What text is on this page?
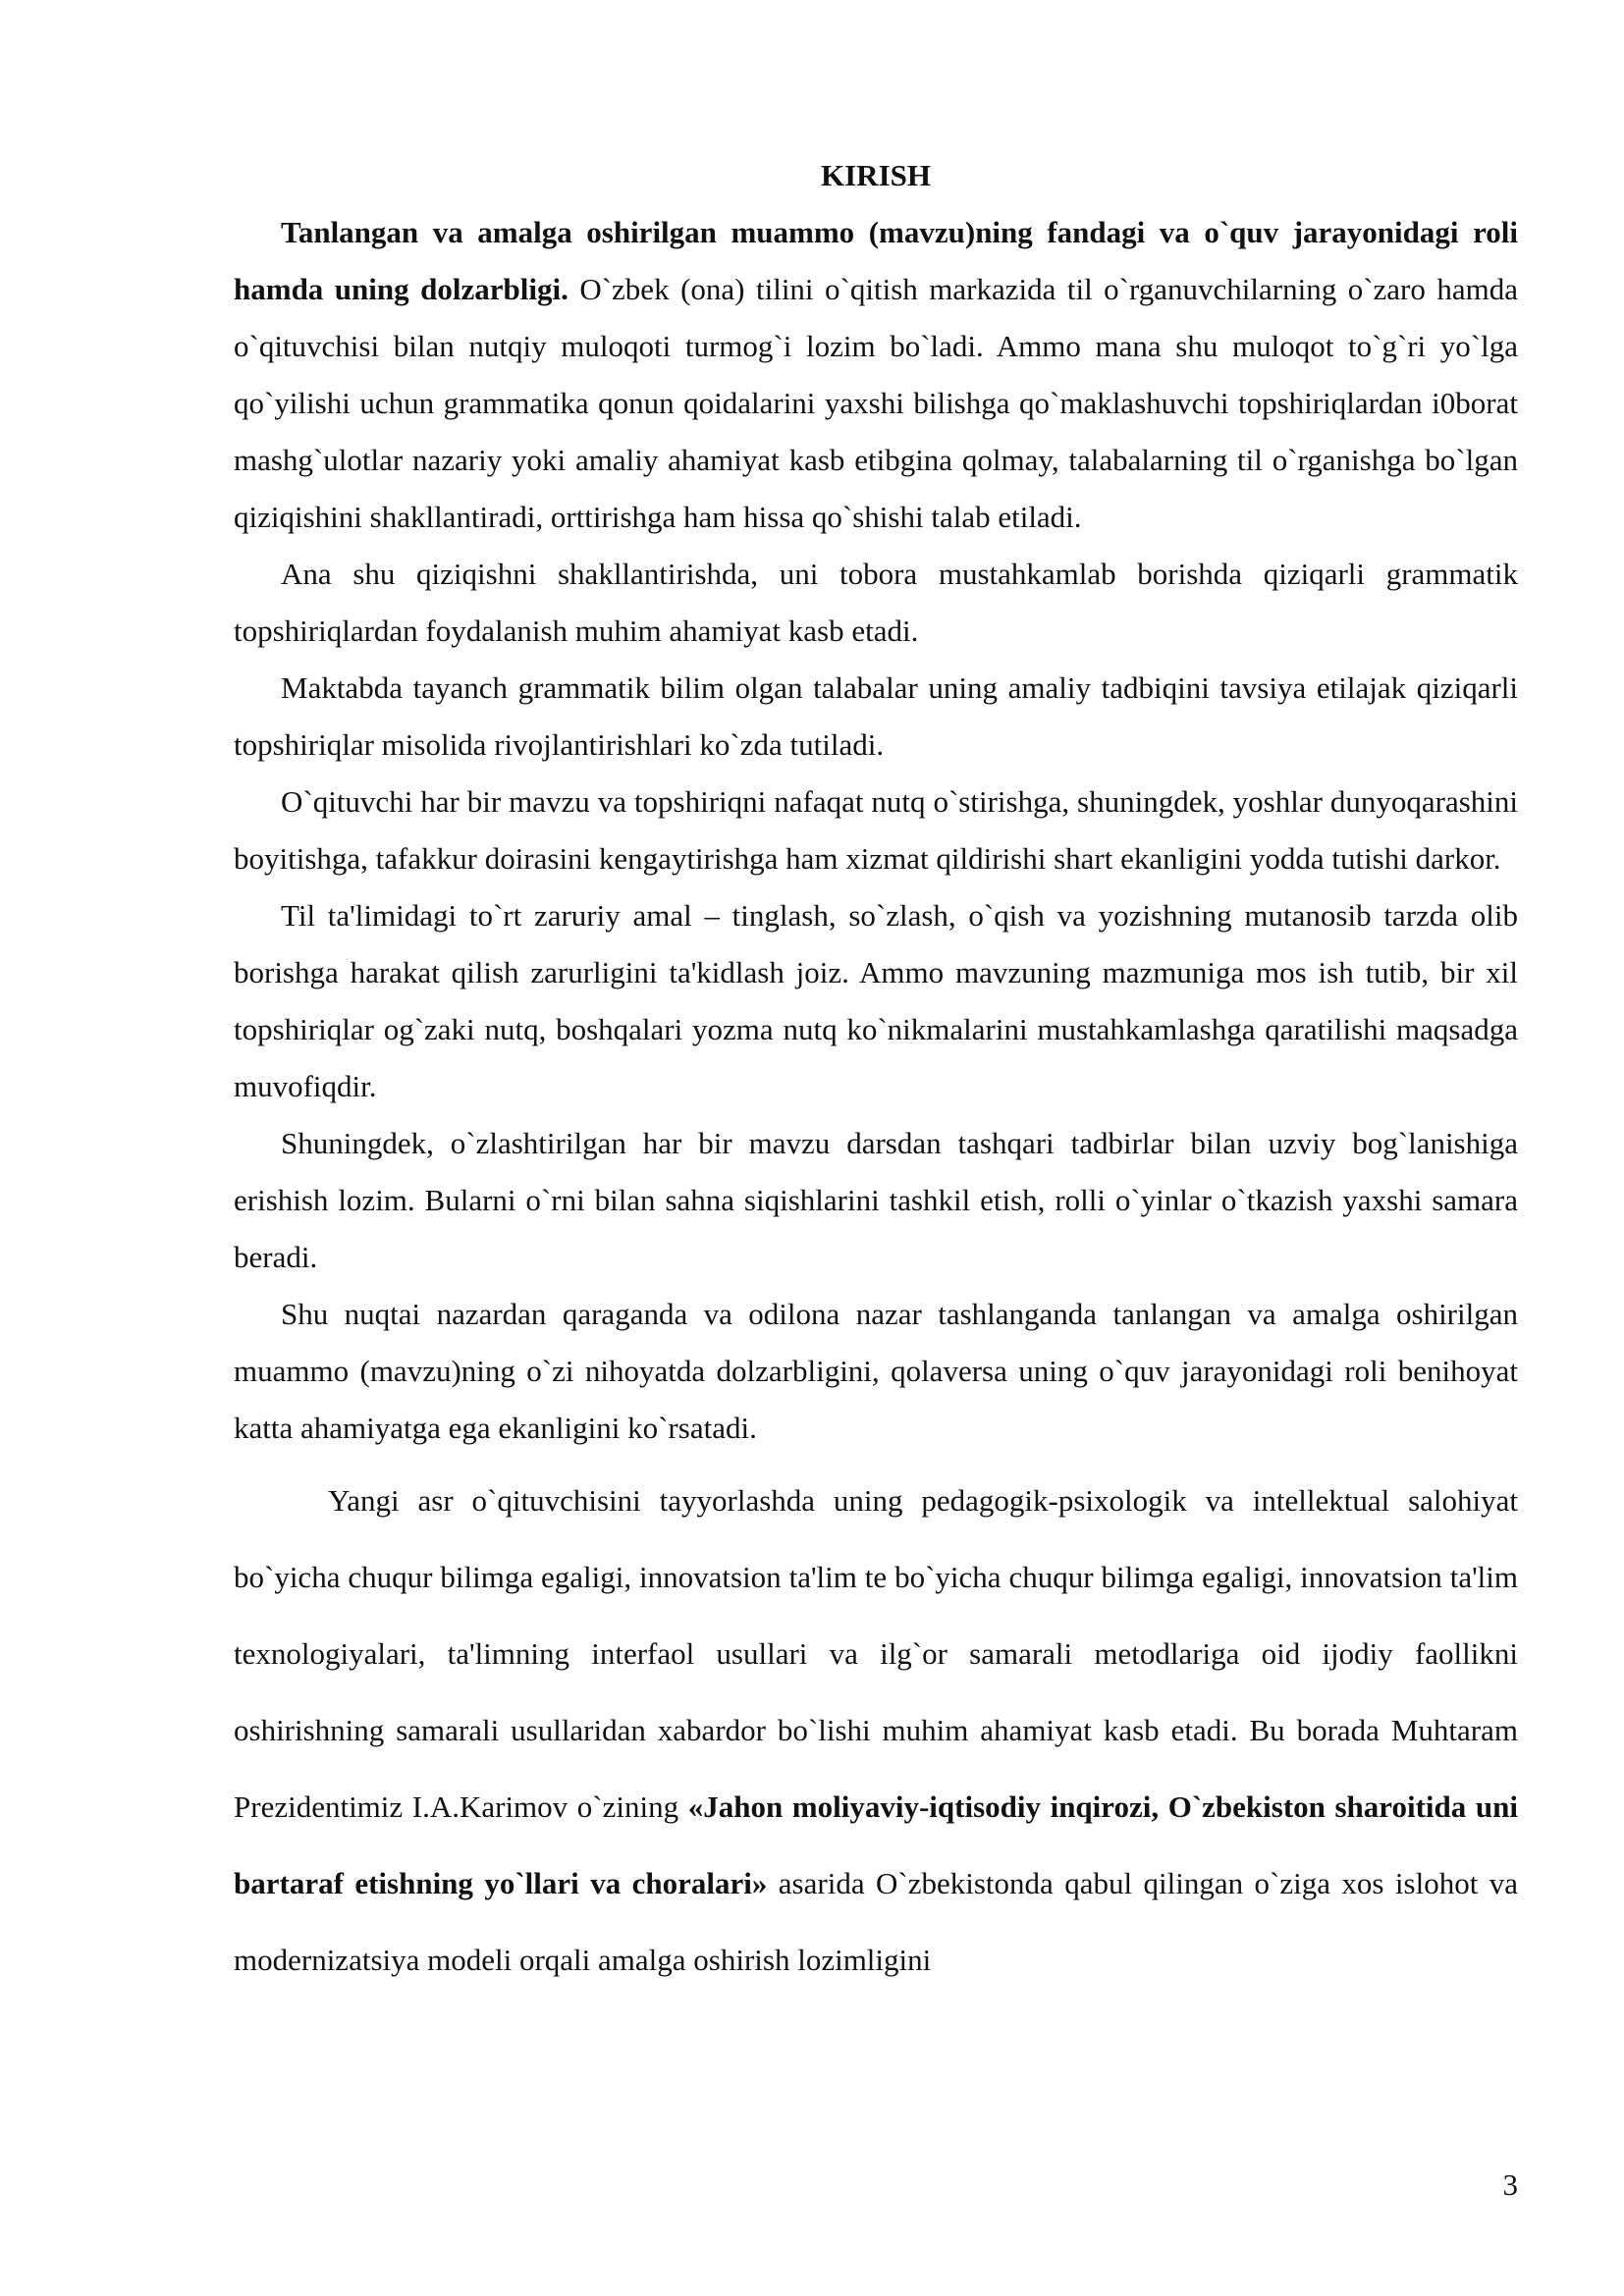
KIRISH

Tanlangan va amalga oshirilgan muammo (mavzu)ning fandagi va o`quv jarayonidagi roli hamda uning dolzarbligi. O`zbek (ona) tilini o`qitish markazida til o`rganuvchilarning o`zaro hamda o`qituvchisi bilan nutqiy muloqoti turmog`i lozim bo`ladi. Ammo mana shu muloqot to`g`ri yo`lga qo`yilishi uchun grammatika qonun qoidalarini yaxshi bilishga qo`maklashuvchi topshiriqlardan i0borat mashg`ulotlar nazariy yoki amaliy ahamiyat kasb etibgina qolmay, talabalarning til o`rganishga bo`lgan qiziqishini shakllantiradi, orttirishga ham hissa qo`shishi talab etiladi.

Ana shu qiziqishni shakllantirishda, uni tobora mustahkamlab borishda qiziqarli grammatik topshiriqlardan foydalanish muhim ahamiyat kasb etadi.

Maktabda tayanch grammatik bilim olgan talabalar uning amaliy tadbiqini tavsiya etilajak qiziqarli topshiriqlar misolida rivojlantirishlari ko`zda tutiladi.

O`qituvchi har bir mavzu va topshiriqni nafaqat nutq o`stirishga, shuningdek, yoshlar dunyoqarashini boyitishga, tafakkur doirasini kengaytirishga ham xizmat qildirishi shart ekanligini yodda tutishi darkor.

Til ta'limidagi to`rt zaruriy amal – tinglash, so`zlash, o`qish va yozishning mutanosib tarzda olib borishga harakat qilish zarurligini ta'kidlash joiz. Ammo mavzuning mazmuniga mos ish tutib, bir xil topshiriqlar og`zaki nutq, boshqalari yozma nutq ko`nikmalarini mustahkamlashga qaratilishi maqsadga muvofiqdir.

Shuningdek, o`zlashtirilgan har bir mavzu darsdan tashqari tadbirlar bilan uzviy bog`lanishiga erishish lozim. Bularni o`rni bilan sahna siqishlarini tashkil etish, rolli o`yinlar o`tkazish yaxshi samara beradi.

Shu nuqtai nazardan qaraganda va odilona nazar tashlanganda tanlangan va amalga oshirilgan muammo (mavzu)ning o`zi nihoyatda dolzarbligini, qolaversa uning o`quv jarayonidagi roli benihoyat katta ahamiyatga ega ekanligini ko`rsatadi.

Yangi asr o`qituvchisini tayyorlashda uning pedagogik-psixologik va intellektual salohiyat bo`yicha chuqur bilimga egaligi, innovatsion ta'lim te bo`yicha chuqur bilimga egaligi, innovatsion ta'lim texnologiyalari, ta'limning interfaol usullari va ilg`or samarali metodlariga oid ijodiy faollikni oshirishning samarali usullaridan xabardor bo`lishi muhim ahamiyat kasb etadi. Bu borada Muhtaram Prezidentimiz I.A.Karimov o`zining «Jahon moliyaviy-iqtisodiy inqirozi, O`zbekiston sharoitida uni bartaraf etishning yo`llari va choralari» asarida O`zbekistonda qabul qilingan o`ziga xos islohot va modernizatsiya modeli orqali amalga oshirish lozimligini

3
